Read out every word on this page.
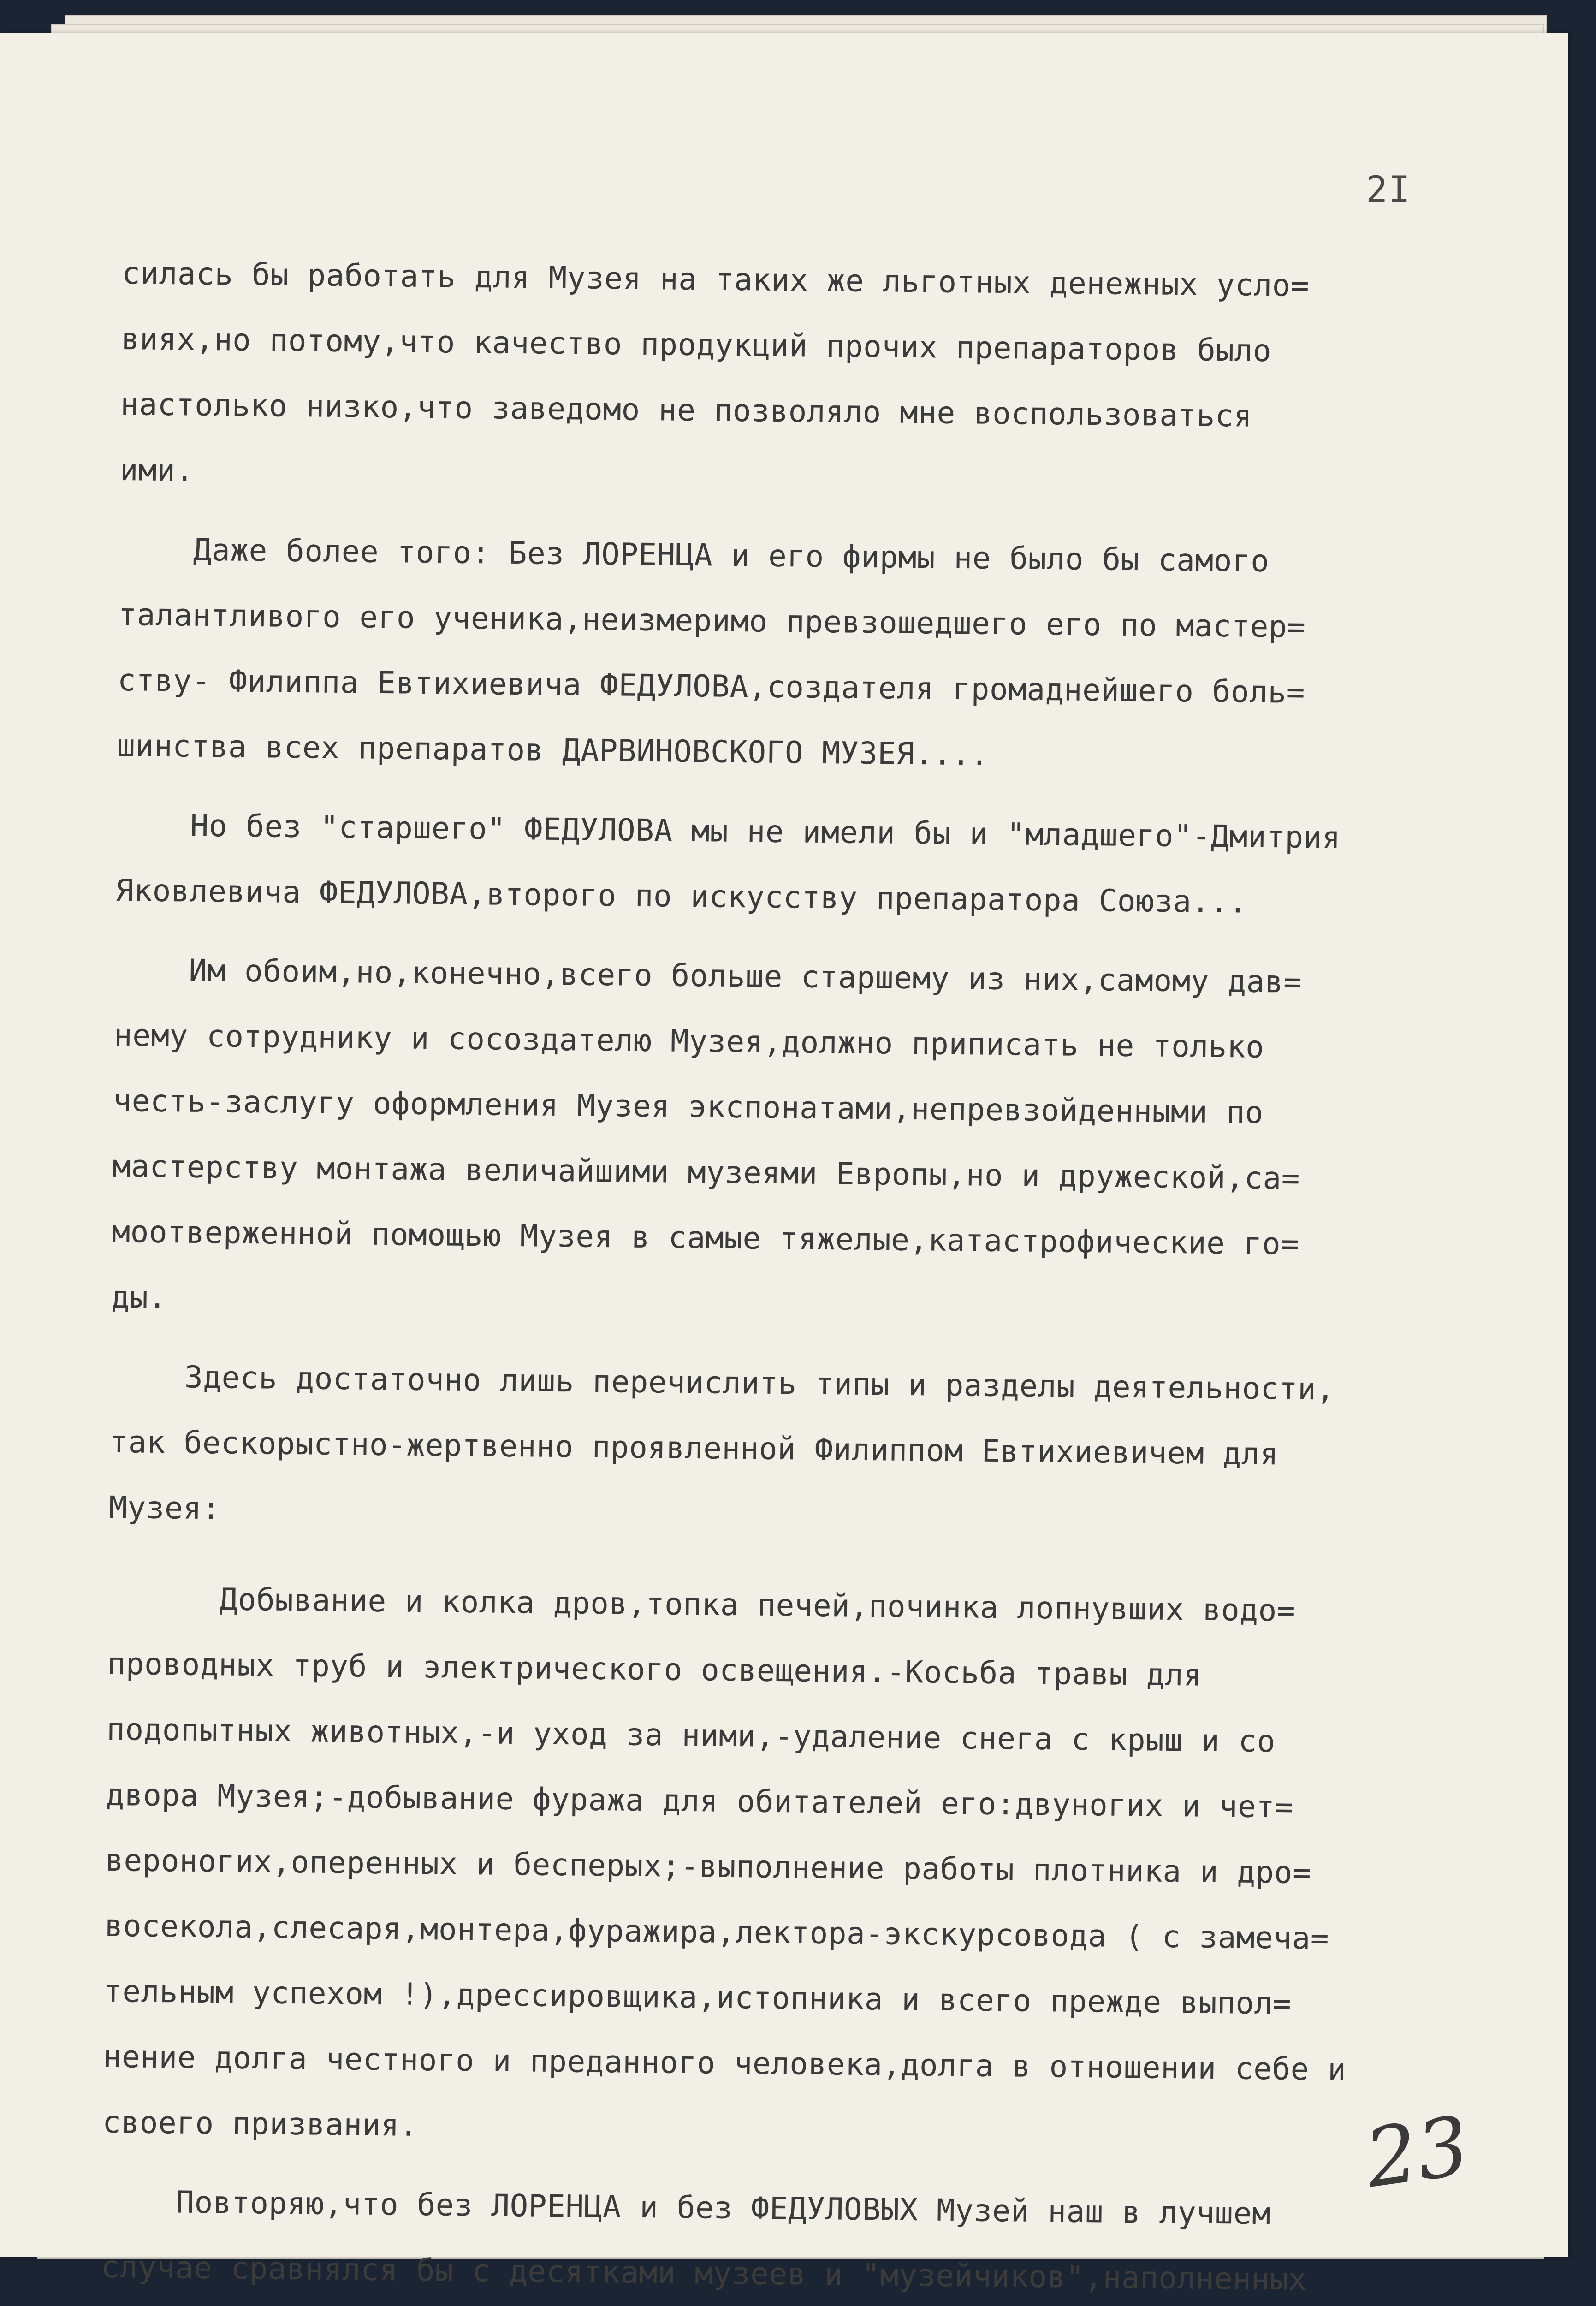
2I
силась бы работать для Музея на таких же льготных денежных усло=
виях,но потому,что качество продукций прочих препараторов было
настолько низко,что заведомо не позволяло мне воспользоваться
ими.
Даже более того: Без ЛОРЕНЦА и его фирмы не было бы самого
талантливого его ученика,неизмеримо превзошедшего его по мастер=
ству- Филиппа Евтихиевича ФЕДУЛОВА,создателя громаднейшего боль=
шинства всех препаратов ДАРВИНОВСКОГО МУЗЕЯ....
Но без "старшего" ФЕДУЛОВА мы не имели бы и "младшего"-Дмитрия
Яковлевича ФЕДУЛОВА,второго по искусству препаратора Союза...
Им обоим,но,конечно,всего больше старшему из них,самому дав=
нему сотруднику и сосоздателю Музея,должно приписать не только
честь-заслугу оформления Музея экспонатами,непревзойденными по
мастерству монтажа величайшими музеями Европы,но и дружеской,са=
моотверженной помощью Музея в самые тяжелые,катастрофические го=
ды.
Здесь достаточно лишь перечислить типы и разделы деятельности,
так бескорыстно-жертвенно проявленной Филиппом Евтихиевичем для
Музея:
Добывание и колка дров,топка печей,починка лопнувших водо=
проводных труб и электрического освещения.-Косьба травы для
подопытных животных,-и уход за ними,-удаление снега с крыш и со
двора Музея;-добывание фуража для обитателей его:двуногих и чет=
вероногих,оперенных и бесперых;-выполнение работы плотника и дро=
восекола,слесаря,монтера,фуражира,лектора-экскурсовода ( с замеча=
тельным успехом !),дрессировщика,истопника и всего прежде выпол=
нение долга честного и преданного человека,долга в отношении себе и
своего призвания.
Повторяю,что без ЛОРЕНЦА и без ФЕДУЛОВЫХ Музей наш в лучшем
случае сравнялся бы с десятками музеев и "музейчиков",наполненных
23
